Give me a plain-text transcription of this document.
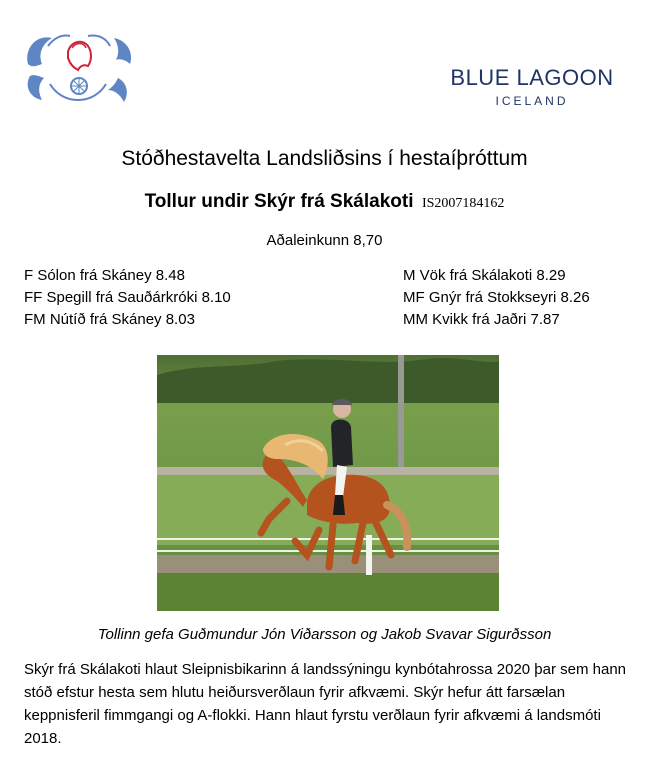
BLUE LAGOON
ICELAND
Stóðhestavelta Landsliðsins í hestaíþróttum
Tollur undir Skýr frá Skálakoti IS2007184162
Aðaleinkunn 8,70
F Sólon frá Skáney 8.48
FF Spegill frá Sauðárkróki 8.10
FM Nútíð frá Skáney 8.03
M Vök frá Skálakoti 8.29
MF Gnýr frá Stokkseyri 8.26
MM Kvikk frá Jaðri 7.87
Tollinn gefa Guðmundur Jón Viðarsson og Jakob Svavar Sigurðsson
Skýr frá Skálakoti hlaut Sleipnisbikarinn á landssýningu kynbótahrossa 2020 þar sem hann stóð efstur hesta sem hlutu heiðursverðlaun fyrir afkvæmi. Skýr hefur átt farsælan keppnisferil fimmgangi og A-flokki. Hann hlaut fyrstu verðlaun fyrir afkvæmi á landsmóti 2018.
